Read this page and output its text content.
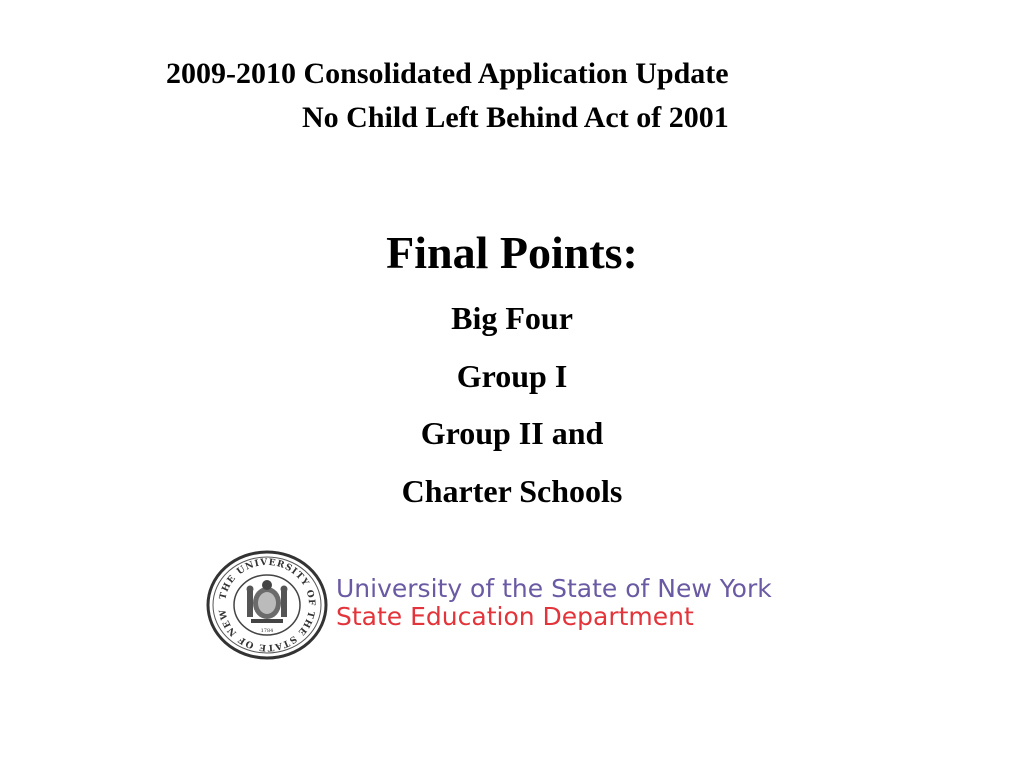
2009-2010 Consolidated Application Update
No Child Left Behind Act of 2001
Final Points:
Big Four
Group I
Group II and
Charter Schools
THE UNIVERSITY OF THE STATE OF NEW
1784
University of the State of New York
State Education Department
